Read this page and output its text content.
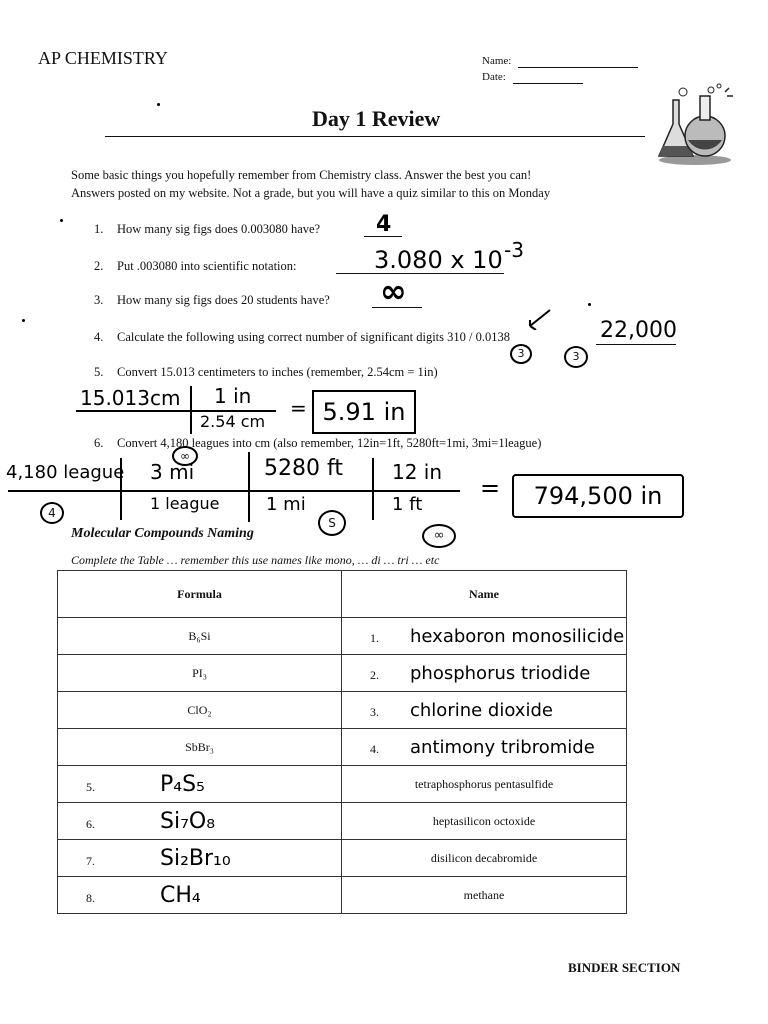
AP CHEMISTRY	Name:
Date:
Day 1 Review
Some basic things you hopefully remember from Chemistry class. Answer the best you can!
Answers posted on my website. Not a grade, but you will have a quiz similar to this on Monday
1. How many sig figs does 0.003080 have?	4
2. Put .003080 into scientific notation:	3.080 x 10 -3
3. How many sig figs does 20 students have? ∞
4. Calculate the following using correct number of significant digits 310 / 0.0138	22,000
3	3
5. Convert 15.013 centimeters to inches (remember, 2.54cm = 1in)
15.013cm 1 in
2.54 cm
= 5.91 in
6. Convert 4,180 leagues into cm (also remember, 12in=1ft, 5280ft=1mi, 3mi=1league)
4,180 league 3 mi	5280 ft 12 in
1 league	1 mi	1 ft
=	794,500 in
4
∞
S
∞
Molecular Compounds Naming
Complete the Table … remember this use names like mono, … di … tri … etc
Formula	Name
B₆Si	1. hexaboron monosilicide
PI₃	2. phosphorus triodide
ClO₂	3. chlorine dioxide
SbBr₃	4. antimony tribromide
5. P₄S₅	tetraphosphorus pentasulfide
6. Si₇O₈	heptasilicon octoxide
7. Si₂Br₁₀	disilicon decabromide
8. CH₄	methane
BINDER SECTION
